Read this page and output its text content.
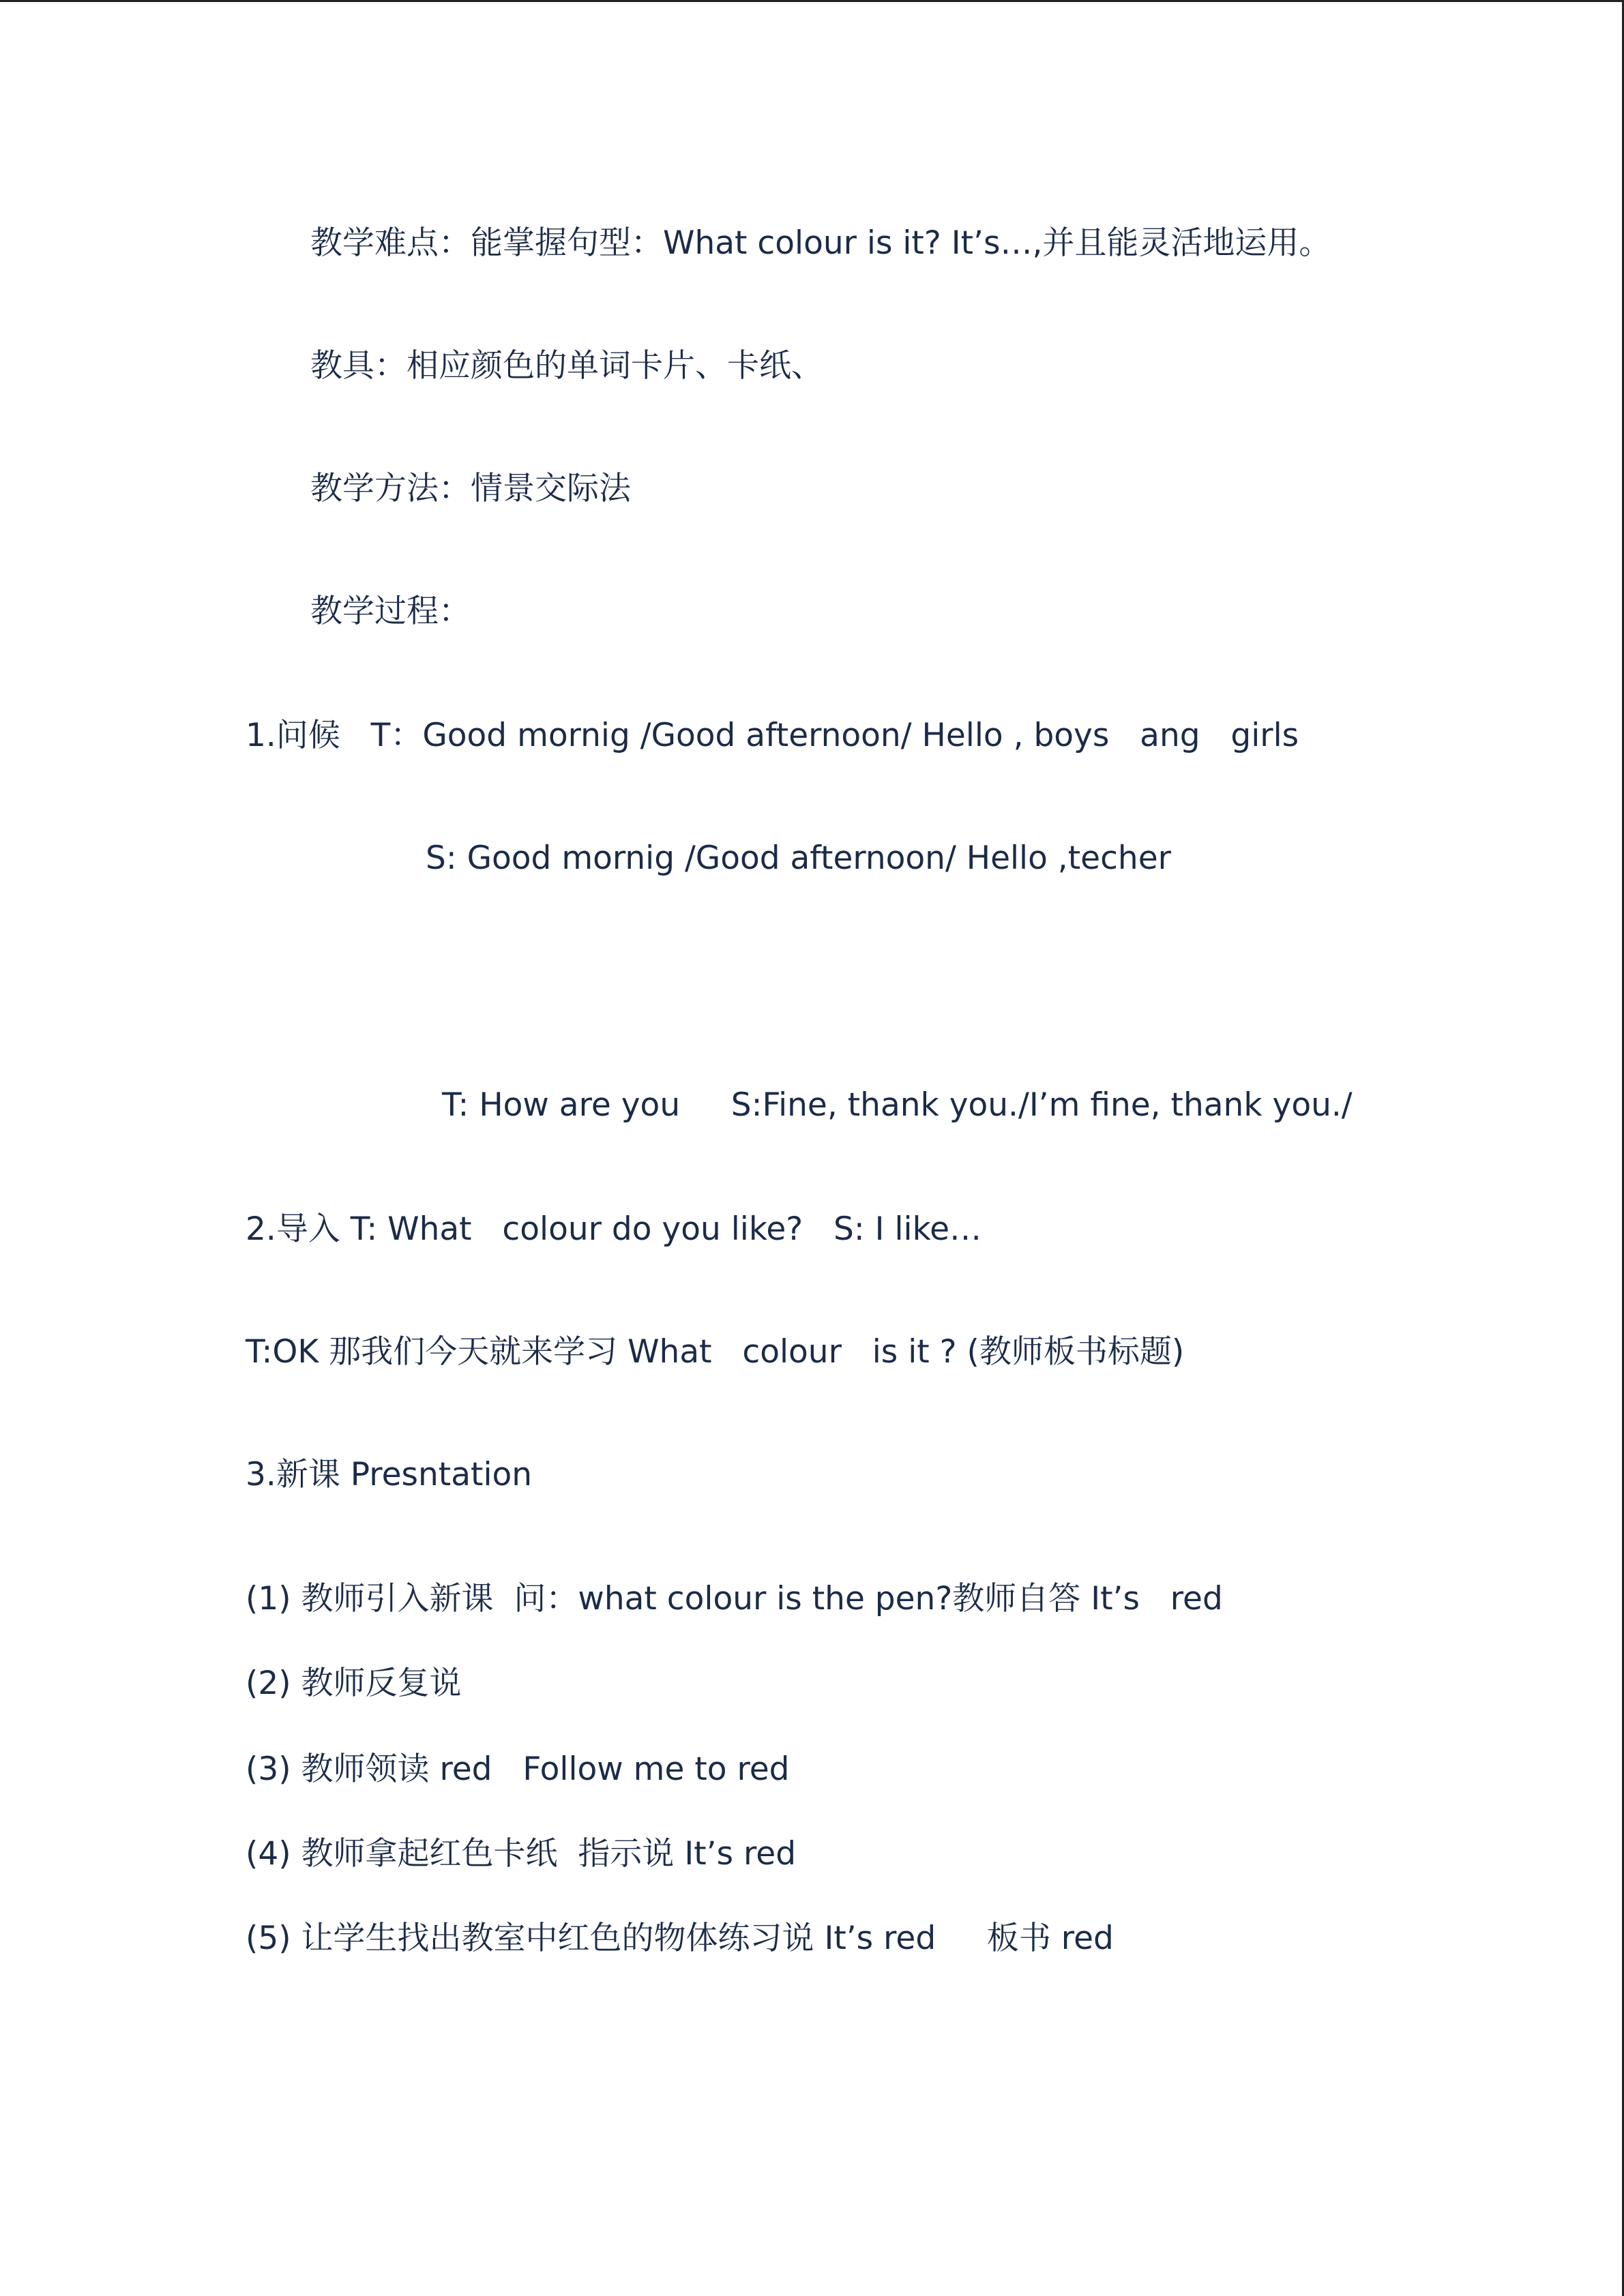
教学难点：能掌握句型：What colour is it? It’s…,并且能灵活地运用。
教具：相应颜色的单词卡片、卡纸、
教学方法：情景交际法
教学过程：
1.问候   T：Good mornig /Good afternoon/ Hello , boys   ang   girls
S: Good mornig /Good afternoon/ Hello ,techer
T: How are you     S:Fine, thank you./I’m fine, thank you./
2.导入 T: What   colour do you like?   S: I like…
T:OK 那我们今天就来学习 What   colour   is it ? (教师板书标题)
3.新课 Presntation
(1) 教师引入新课  问：what colour is the pen?教师自答 It’s   red
(2) 教师反复说
(3) 教师领读 red   Follow me to red
(4) 教师拿起红色卡纸  指示说 It’s red
(5) 让学生找出教室中红色的物体练习说 It’s red     板书 red
